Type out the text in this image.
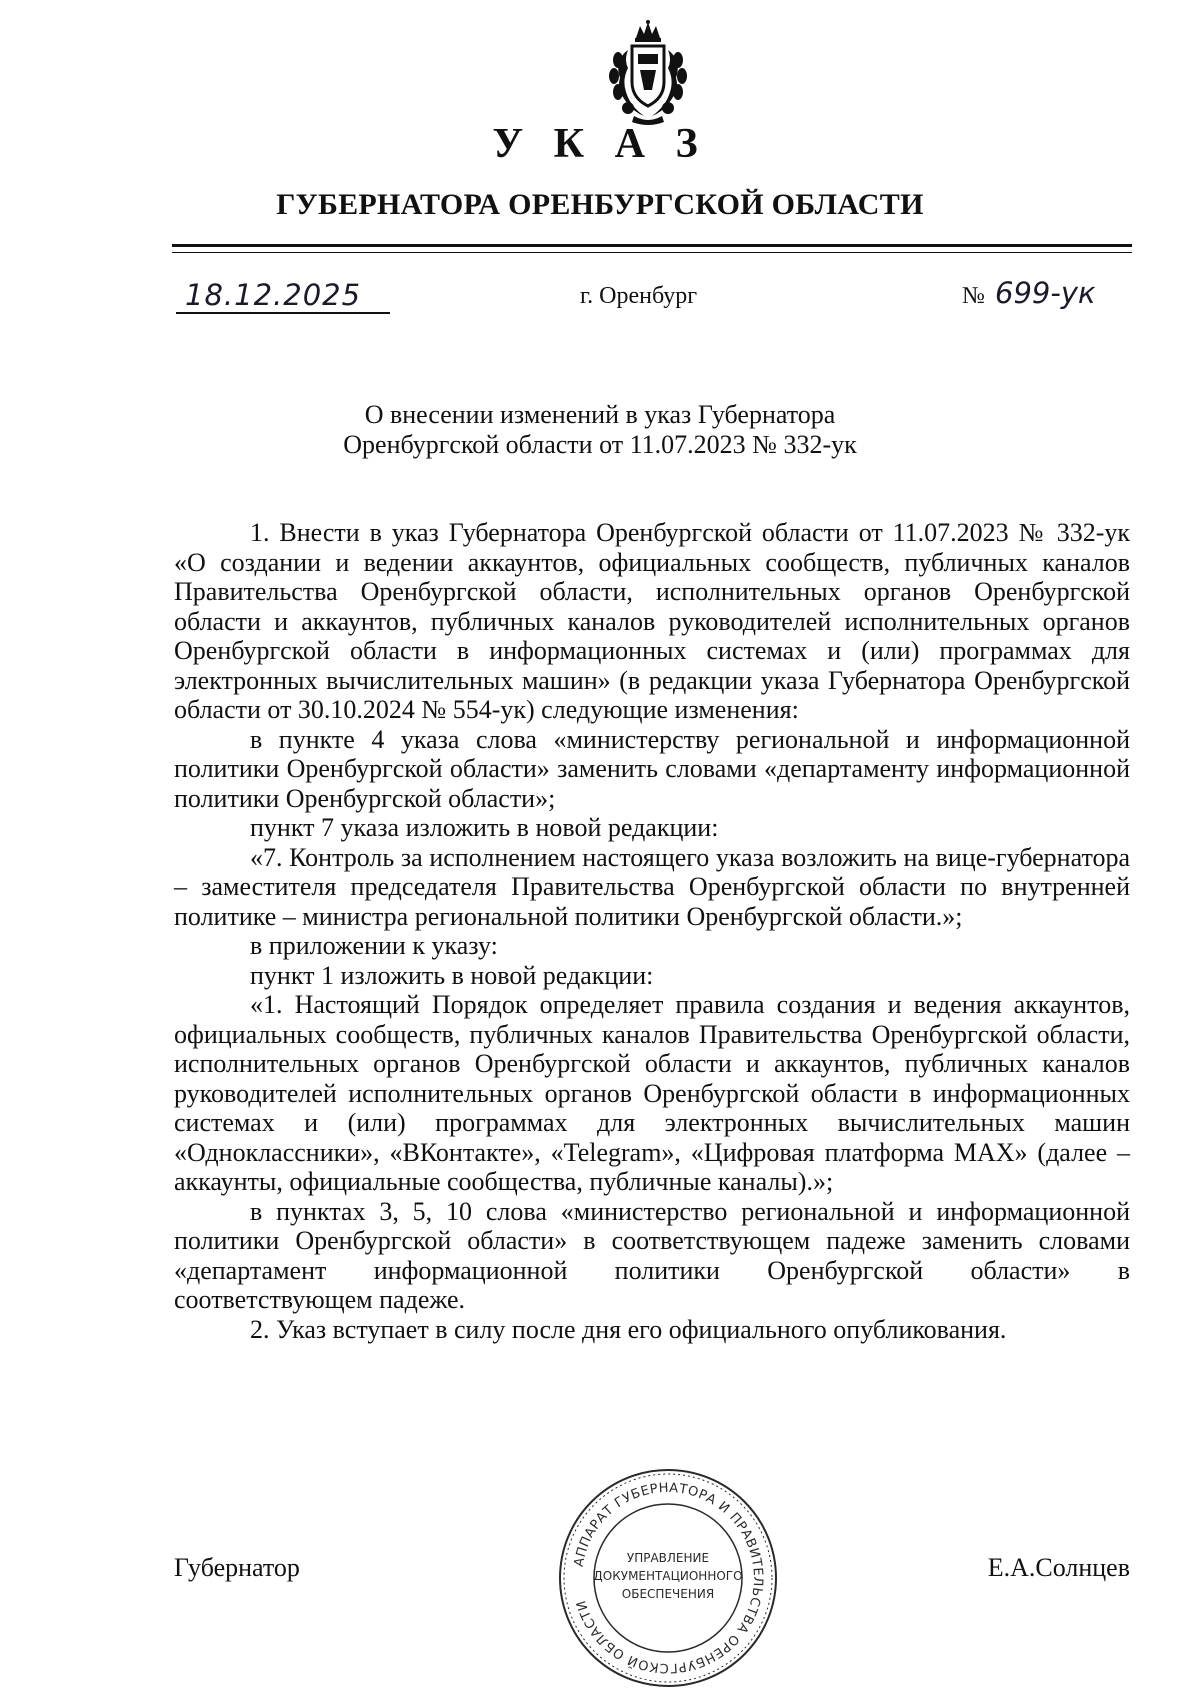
У К А З
ГУБЕРНАТОРА ОРЕНБУРГСКОЙ ОБЛАСТИ
18.12.2025	г. Оренбург	№ 699-ук
О внесении изменений в указ Губернатора
Оренбургской области от 11.07.2023 № 332-ук

1. Внести в указ Губернатора Оренбургской области от 11.07.2023 № 332-ук «О создании и ведении аккаунтов, официальных сообществ, публичных каналов Правительства Оренбургской области, исполнительных органов Оренбургской области и аккаунтов, публичных каналов руководителей исполнительных органов Оренбургской области в информационных системах и (или) программах для электронных вычислительных машин» (в редакции указа Губернатора Оренбургской области от 30.10.2024 № 554-ук) следующие изменения:

в пункте 4 указа слова «министерству региональной и информационной политики Оренбургской области» заменить словами «департаменту информационной политики Оренбургской области»;

пункт 7 указа изложить в новой редакции:

«7. Контроль за исполнением настоящего указа возложить на вице-губернатора – заместителя председателя Правительства Оренбургской области по внутренней политике – министра региональной политики Оренбургской области.»;

в приложении к указу:

пункт 1 изложить в новой редакции:

«1. Настоящий Порядок определяет правила создания и ведения аккаунтов, официальных сообществ, публичных каналов Правительства Оренбургской области, исполнительных органов Оренбургской области и аккаунтов, публичных каналов руководителей исполнительных органов Оренбургской области в информационных системах и (или) программах для электронных вычислительных машин «Одноклассники», «ВКонтакте», «Telegram», «Цифровая платформа MAX» (далее – аккаунты, официальные сообщества, публичные каналы).»;

в пунктах 3, 5, 10 слова «министерство региональной и информационной политики Оренбургской области» в соответствующем падеже заменить словами «департамент информационной политики Оренбургской области» в соответствующем падеже.

2. Указ вступает в силу после дня его официального опубликования.

АППАРАТ ГУБЕРНАТОРА И ПРАВИТЕЛЬСТВА ОРЕНБУРГСКОЙ ОБЛАСТИ
УПРАВЛЕНИЕ
ДОКУМЕНТАЦИОННОГО
ОБЕСПЕЧЕНИЯ
Губернатор	Е.А.Солнцев
